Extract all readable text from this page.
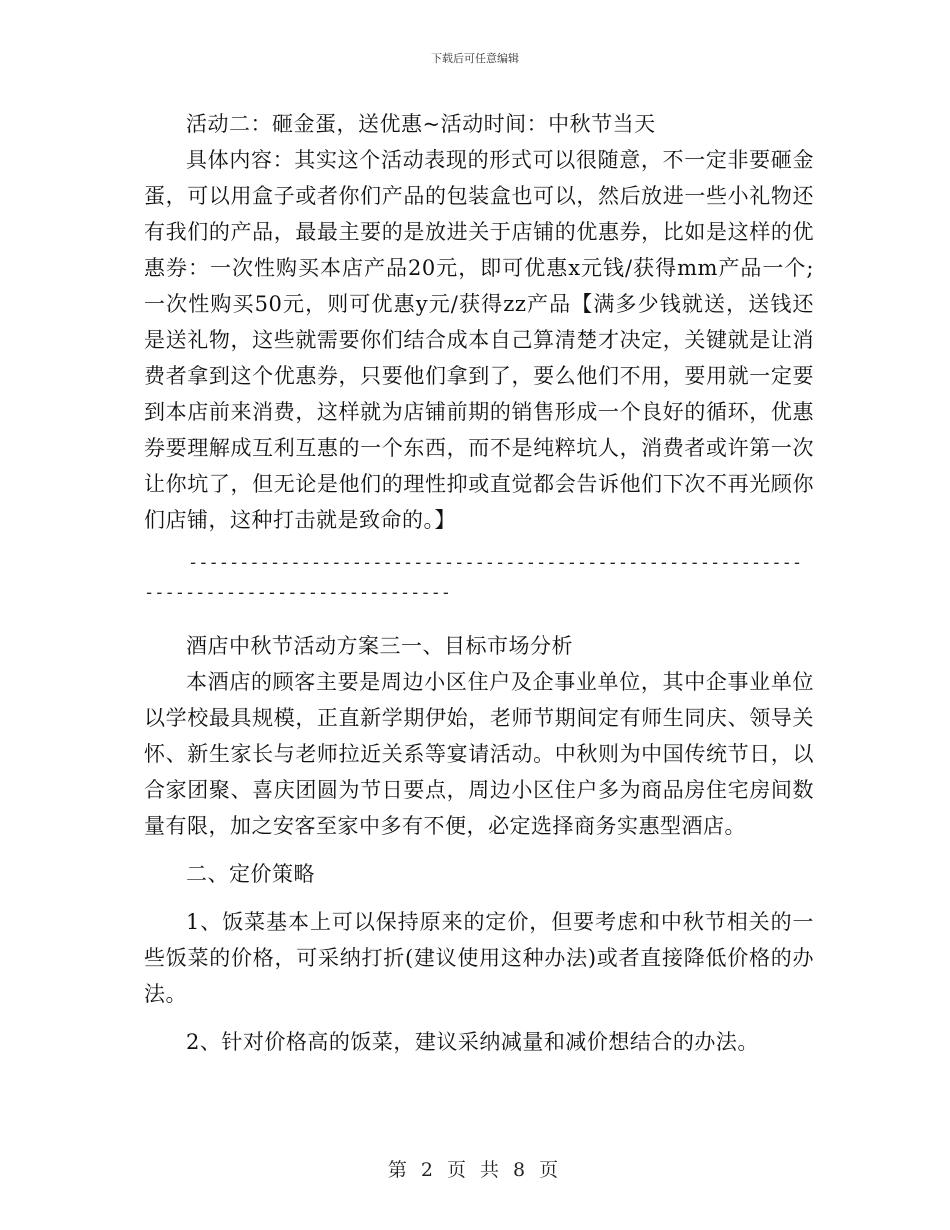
下载后可任意编辑

活动二：砸金蛋，送优惠~活动时间：中秋节当天

具体内容：其实这个活动表现的形式可以很随意，不一定非要砸金蛋，可以用盒子或者你们产品的包装盒也可以，然后放进一些小礼物还有我们的产品，最最主要的是放进关于店铺的优惠券，比如是这样的优惠券：一次性购买本店产品20元，即可优惠x元钱/获得mm产品一个;一次性购买50元，则可优惠y元/获得zz产品【满多少钱就送，送钱还是送礼物，这些就需要你们结合成本自己算清楚才决定，关键就是让消费者拿到这个优惠券，只要他们拿到了，要么他们不用，要用就一定要到本店前来消费，这样就为店铺前期的销售形成一个良好的循环，优惠券要理解成互利互惠的一个东西，而不是纯粹坑人，消费者或许第一次让你坑了，但无论是他们的理性抑或直觉都会告诉他们下次不再光顾你们店铺，这种打击就是致命的。】

------------------------------------------------------------
------------------------------

酒店中秋节活动方案三一、目标市场分析

本酒店的顾客主要是周边小区住户及企事业单位，其中企事业单位以学校最具规模，正直新学期伊始，老师节期间定有师生同庆、领导关怀、新生家长与老师拉近关系等宴请活动。中秋则为中国传统节日，以合家团聚、喜庆团圆为节日要点，周边小区住户多为商品房住宅房间数量有限，加之安客至家中多有不便，必定选择商务实惠型酒店。

二、定价策略

1、饭菜基本上可以保持原来的定价，但要考虑和中秋节相关的一些饭菜的价格，可采纳打折(建议使用这种办法)或者直接降低价格的办法。

2、针对价格高的饭菜，建议采纳减量和减价想结合的办法。

第 2 页 共 8 页
